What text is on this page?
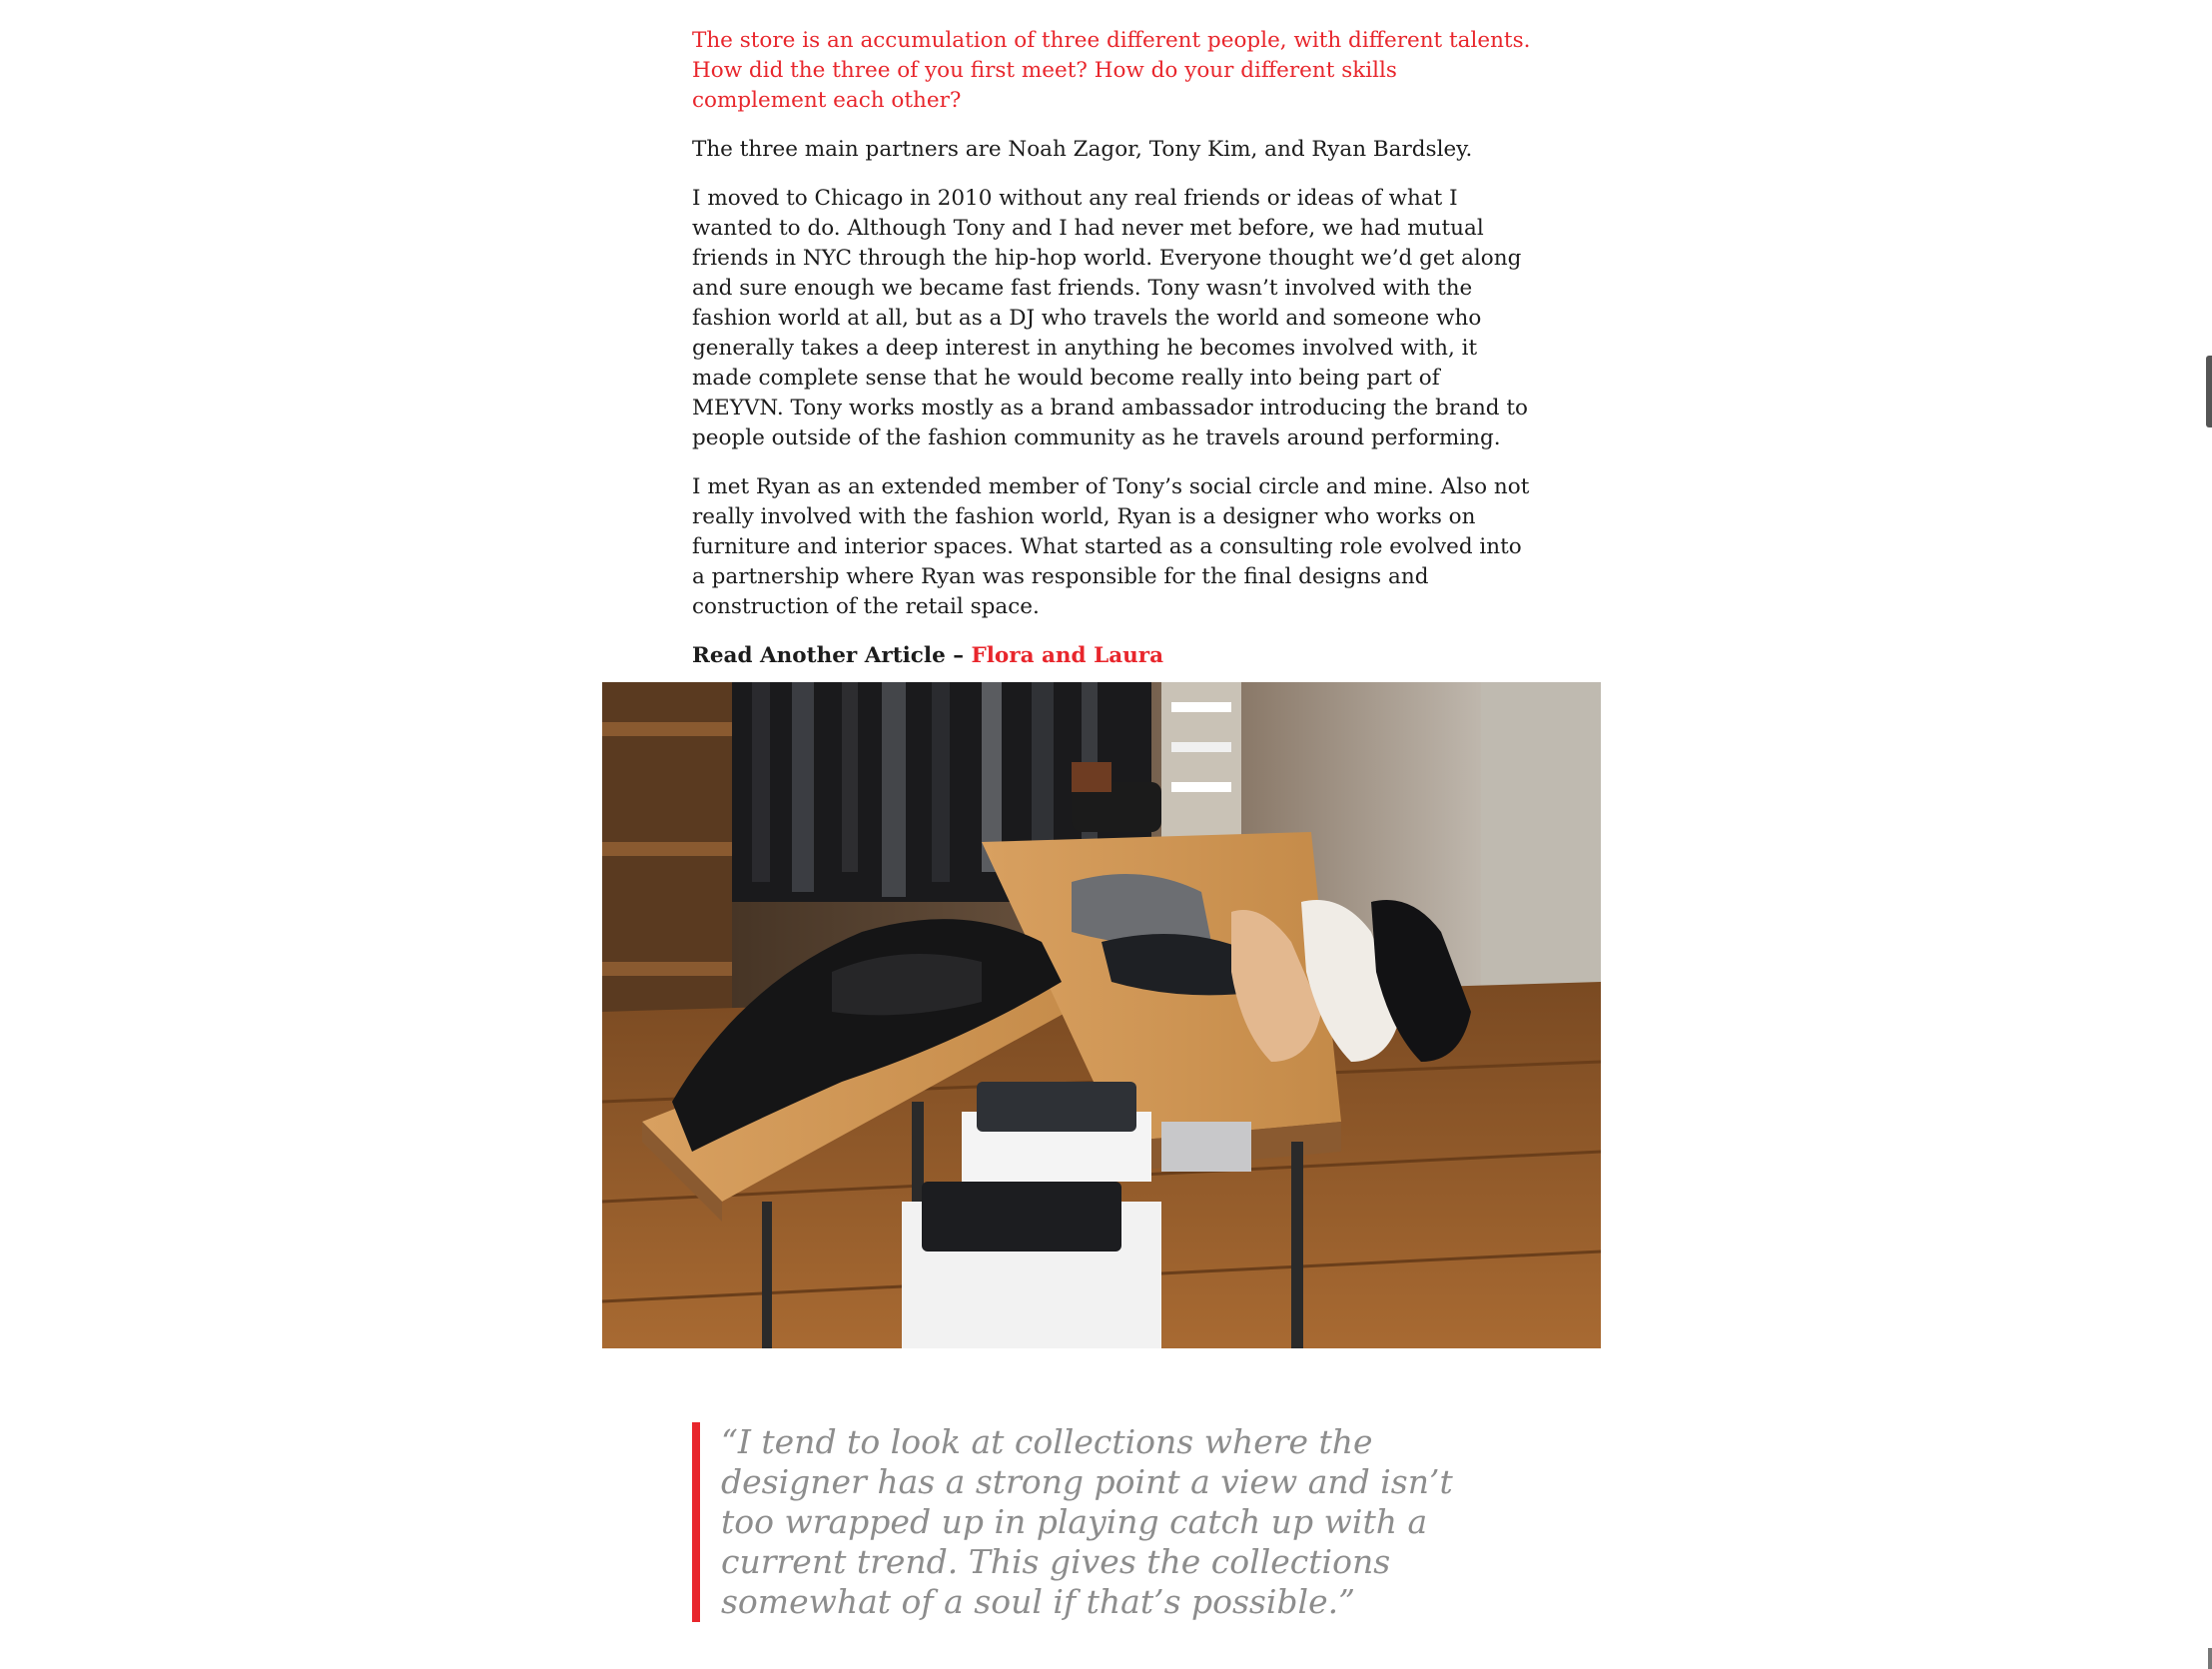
The store is an accumulation of three different people, with different talents. How did the three of you first meet? How do your different skills complement each other?

The three main partners are Noah Zagor, Tony Kim, and Ryan Bardsley.

I moved to Chicago in 2010 without any real friends or ideas of what I wanted to do. Although Tony and I had never met before, we had mutual friends in NYC through the hip-hop world. Everyone thought we’d get along and sure enough we became fast friends. Tony wasn’t involved with the fashion world at all, but as a DJ who travels the world and someone who generally takes a deep interest in anything he becomes involved with, it made complete sense that he would become really into being part of MEYVN. Tony works mostly as a brand ambassador introducing the brand to people outside of the fashion community as he travels around performing.

I met Ryan as an extended member of Tony’s social circle and mine. Also not really involved with the fashion world, Ryan is a designer who works on furniture and interior spaces. What started as a consulting role evolved into a partnership where Ryan was responsible for the final designs and construction of the retail space.

Read Another Article – Flora and Laura

“I tend to look at collections where the designer has a strong point a view and isn’t too wrapped up in playing catch up with a current trend. This gives the collections somewhat of a soul if that’s possible.”
